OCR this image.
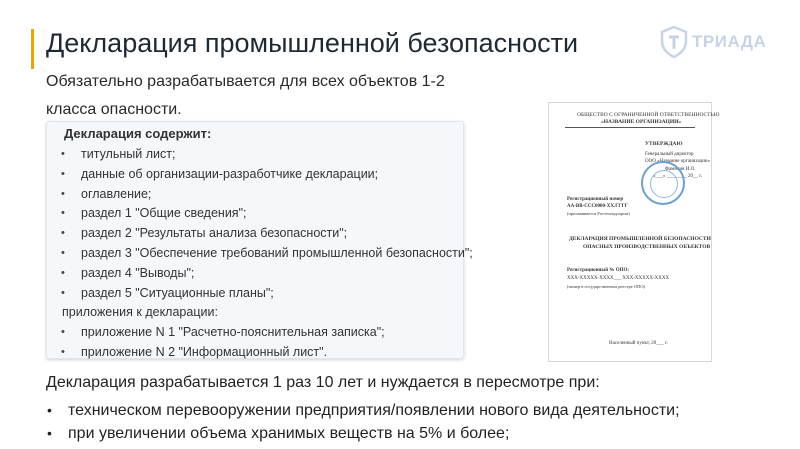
Декларация промышленной безопасности
Обязательно разрабатывается для всех объектов 1-2 класса опасности.
ТРИАДА
Декларация содержит:
• титульный лист;
• данные об организации-разработчике декларации;
• оглавление;
• раздел 1 "Общие сведения";
• раздел 2 "Результаты анализа безопасности";
• раздел 3 "Обеспечение требований промышленной безопасности";
• раздел 4 "Выводы";
• раздел 5 "Ситуационные планы";
приложения к декларации:
• приложение N 1 "Расчетно-пояснительная записка";
• приложение N 2 "Информационный лист".
ОБЩЕСТВО С ОГРАНИЧЕННОЙ ОТВЕТСТВЕННОСТЬЮ
«НАЗВАНИЕ ОРГАНИЗАЦИИ»
УТВЕРЖДАЮ
Генеральный директор
ООО «Название организации»
Фамилия И.О.
«___» ________ 20__ г.
Регистрационный номер
АА-ВВ-ССС0000-ХХ.ГГГГ
(присваивается Ростехнадзором)
ДЕКЛАРАЦИЯ ПРОМЫШЛЕННОЙ БЕЗОПАСНОСТИ
ОПАСНЫХ ПРОИЗВОДСТВЕННЫХ ОБЪЕКТОВ
Регистрационный № ОПО:
ХХХ-ХХХХХ-ХХХХ___ ХХХ-ХХХХХ-ХХХХ
(номер в государственном реестре ОПО)
Населенный пункт, 20___ г.
Декларация разрабатывается 1 раз 10 лет и нуждается в пересмотре при:
• техническом перевооружении предприятия/появлении нового вида деятельности;
• при увеличении объема хранимых веществ на 5% и более;
